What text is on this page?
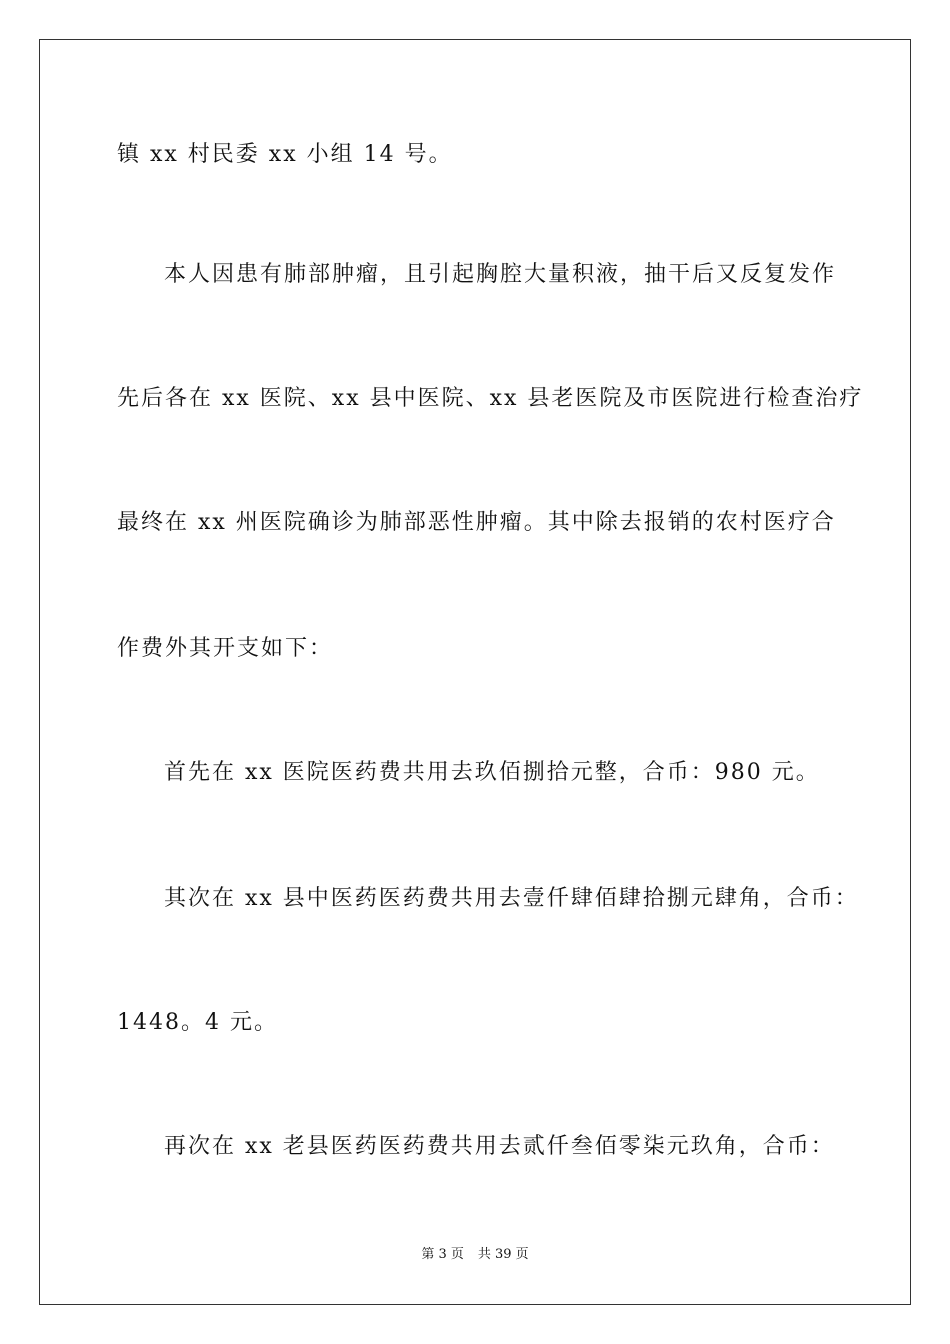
镇 xx 村民委 xx 小组 14 号。
本人因患有肺部肿瘤，且引起胸腔大量积液，抽干后又反复发作
先后各在 xx 医院、xx 县中医院、xx 县老医院及市医院进行检查治疗
最终在 xx 州医院确诊为肺部恶性肿瘤。其中除去报销的农村医疗合
作费外其开支如下：
首先在 xx 医院医药费共用去玖佰捌拾元整，合币：980 元。
其次在 xx 县中医药医药费共用去壹仟肆佰肆拾捌元肆角，合币：
1448。4 元。
再次在 xx 老县医药医药费共用去贰仟叁佰零柒元玖角，合币：
第 3 页 共 39 页
